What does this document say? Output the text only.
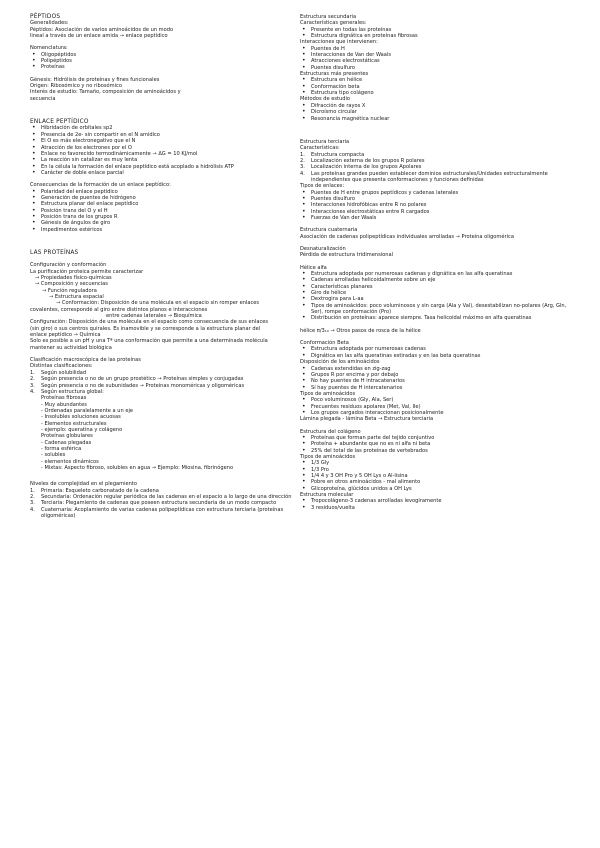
PÉPTIDOS
Generalidades:
Péptidos: Asociación de varios aminoácidos de un modo
lineal a través de un enlace amida → enlace peptídico
Nomenclatura:
• Oligopéptidos
• Polipéptidos
• Proteínas
Génesis: Hidrólisis de proteínas y fines funcionales
Origen: Ribosómico y no ribosómico
Interés de estudio: Tamaño, composición de aminoácidos y
secuencia
ENLACE PEPTÍDICO
• Hibridación de orbitales sp2
• Presencia de 2e- sin compartir en el N amídico
• El O es más electronegativo que el N
• Atracción de los electrones por el O
• Enlace no favorecido termodinámicamente → ΔG = 10 KJ/mol
• La reacción sin catalizar es muy lenta
• En la célula la formación del enlace peptídico está acoplado a hidrólisis ATP
• Carácter de doble enlace parcial
Consecuencias de la formación de un enlace peptídico:
• Polaridad del enlace peptídico
• Generación de puentes de hidrógeno
• Estructura planar del enlace peptídico
• Posición trans del O y el H
• Posición trans de los grupos R
• Génesis de ángulos de giro
• Impedimentos estéricos
LAS PROTEÍNAS
Configuración y conformación
La purificación proteica permite caracterizar
→ Propiedades físico-químicas
→ Composición y secuencias
→ Función reguladora
→ Estructura espacial
→ Conformación: Disposición de una molécula en el espacio sin romper enlaces
covalentes, correspondé al giro entre distintos planos e interacciones
entre cadenas laterales → Bioquímica
Configuración: Disposición de una molécula en el espacio como consecuencia de sus enlaces
(sin giro) o sus centros quirales. Es inamovible y se corresponde a la estructura planar del
enlace peptídico → Química
Solo es posible a un pH y una Tª una conformación que permite a una determinada molécula
mantener su actividad biológica
Clasificación macroscópica de las proteínas
Distintas clasificaciones:
Según solubilidad
Según presencia o no de un grupo prostético → Proteínas simples y conjugadas
Según presencia o no de subunidades → Proteínas monoméricas y oligoméricas
Según estructura global:
Proteínas fibrosas
- Muy abundantes
- Ordenadas paralelamente a un eje
- Insolubles soluciones acuosas
- Elementos estructurales
- ejemplo: queratina y colágeno
Proteínas globulares
- Cadenas plegadas
- forma esférica
- solubles
- elementos dinámicos
- Mixtas: Aspecto fibroso, solubles en agua → Ejemplo: Miosina, fibrinógeno
Niveles de complejidad en el plegamiento
Primaria: Esqueleto carbonatado de la cadena
Secundaria: Ordenación regular periódica de las cadenas en el espacio a lo largo de una dirección
Terciaria: Plegamiento de cadenas que poseen estructura secundaria de un modo compacto
Cuaternaria: Acoplamiento de varias cadenas polipeptídicas con estructura terciaria (proteínas oligoméricas)
Estructura secundaria
Características generales:
• Presente en todas las proteínas
• Estructura dignática en proteínas fibrosas
Interacciones que intervienen:
• Puentes de H
• Interacciones de Van der Waals
• Atracciones electrostáticas
• Puentes disulfuro
Estructuras más presentes
• Estructura en hélice
• Conformación beta
• Estructura tipo colágeno
Métodos de estudio
• Difracción de rayos X
• Dicroísmo circular
• Resonancia magnética nuclear
Estructura terciaria
Características:
Estructura compacta
Localización externa de los grupos R polares
Localización interna de los grupos Apolares
Las proteínas grandes pueden establecer dominios estructurales/Unidades estructuralmente independientes que presenta conformaciones y funciones definidas
Tipos de enlaces:
• Puentes de H entre grupos peptídicos y cadenas laterales
• Puentes disulfuro
• Interacciones hidrofóbicas entre R no polares
• Interacciones electrostáticas entre R cargados
• Fuerzas de Van der Waals
Estructura cuaternaria
Asociación de cadenas polipeptídicas individuales arrolladas → Proteína oligomérica
Desnaturalización
Pérdida de estructura tridimensional
Hélice alfa
• Estructura adoptada por numerosas cadenas y dignática en las alfa queratinas
• Cadenas arrolladas helicoidalmente sobre un eje
• Características planares
• Giro de hélice
• Dextrogira para L-aa
• Tipos de aminoácidos: poco voluminosos y sin carga (Ala y Val), desestabilizan no-polares (Arg, Gln, Ser), rompe conformación (Pro)
• Distribución en proteínas: aparece siempre. Tasa helicoidal máximo en alfa queratinas
hélice π/3₁₀ → Otros pasos de rosca de la hélice
Conformación Beta
• Estructura adoptada por numerosas cadenas
• Dignática en las alfa queratinas estiradas y en las beta queratinas
Disposición de los aminoácidos
• Cadenas extendidas en zig-zag
• Grupos R por encima y por debajo
• No hay puentes de H intracatenarios
• Sí hay puentes de H intercatenarios
Tipos de aminoácidos
• Poco voluminosos (Gly, Ala, Ser)
• Frecuentes residuos apolares (Met, Val, Ile)
• Los grupos cargados interaccionan posicionalmente
Lámina plegada - lámina Beta → Estructura terciaria
Estructura del colágeno
• Proteínas que forman parte del tejido conjuntivo
• Proteína + abundante que no es ni alfa ni beta
• 25% del total de las proteínas de vertebrados
Tipos de aminoácidos
• 1/3 Gly
• 1/3 Pro
• 1/4 4 y 3 OH Pro y 5 OH Lys o Al-lisina
• Pobre en otros aminoácidos - mal alimento
• Glicoproteína, glúcidos unidos a OH Lys
Estructura molecular
• Tropocolágeno-3 cadenas arrolladas levogiramente
• 3 residuos/vuelta
